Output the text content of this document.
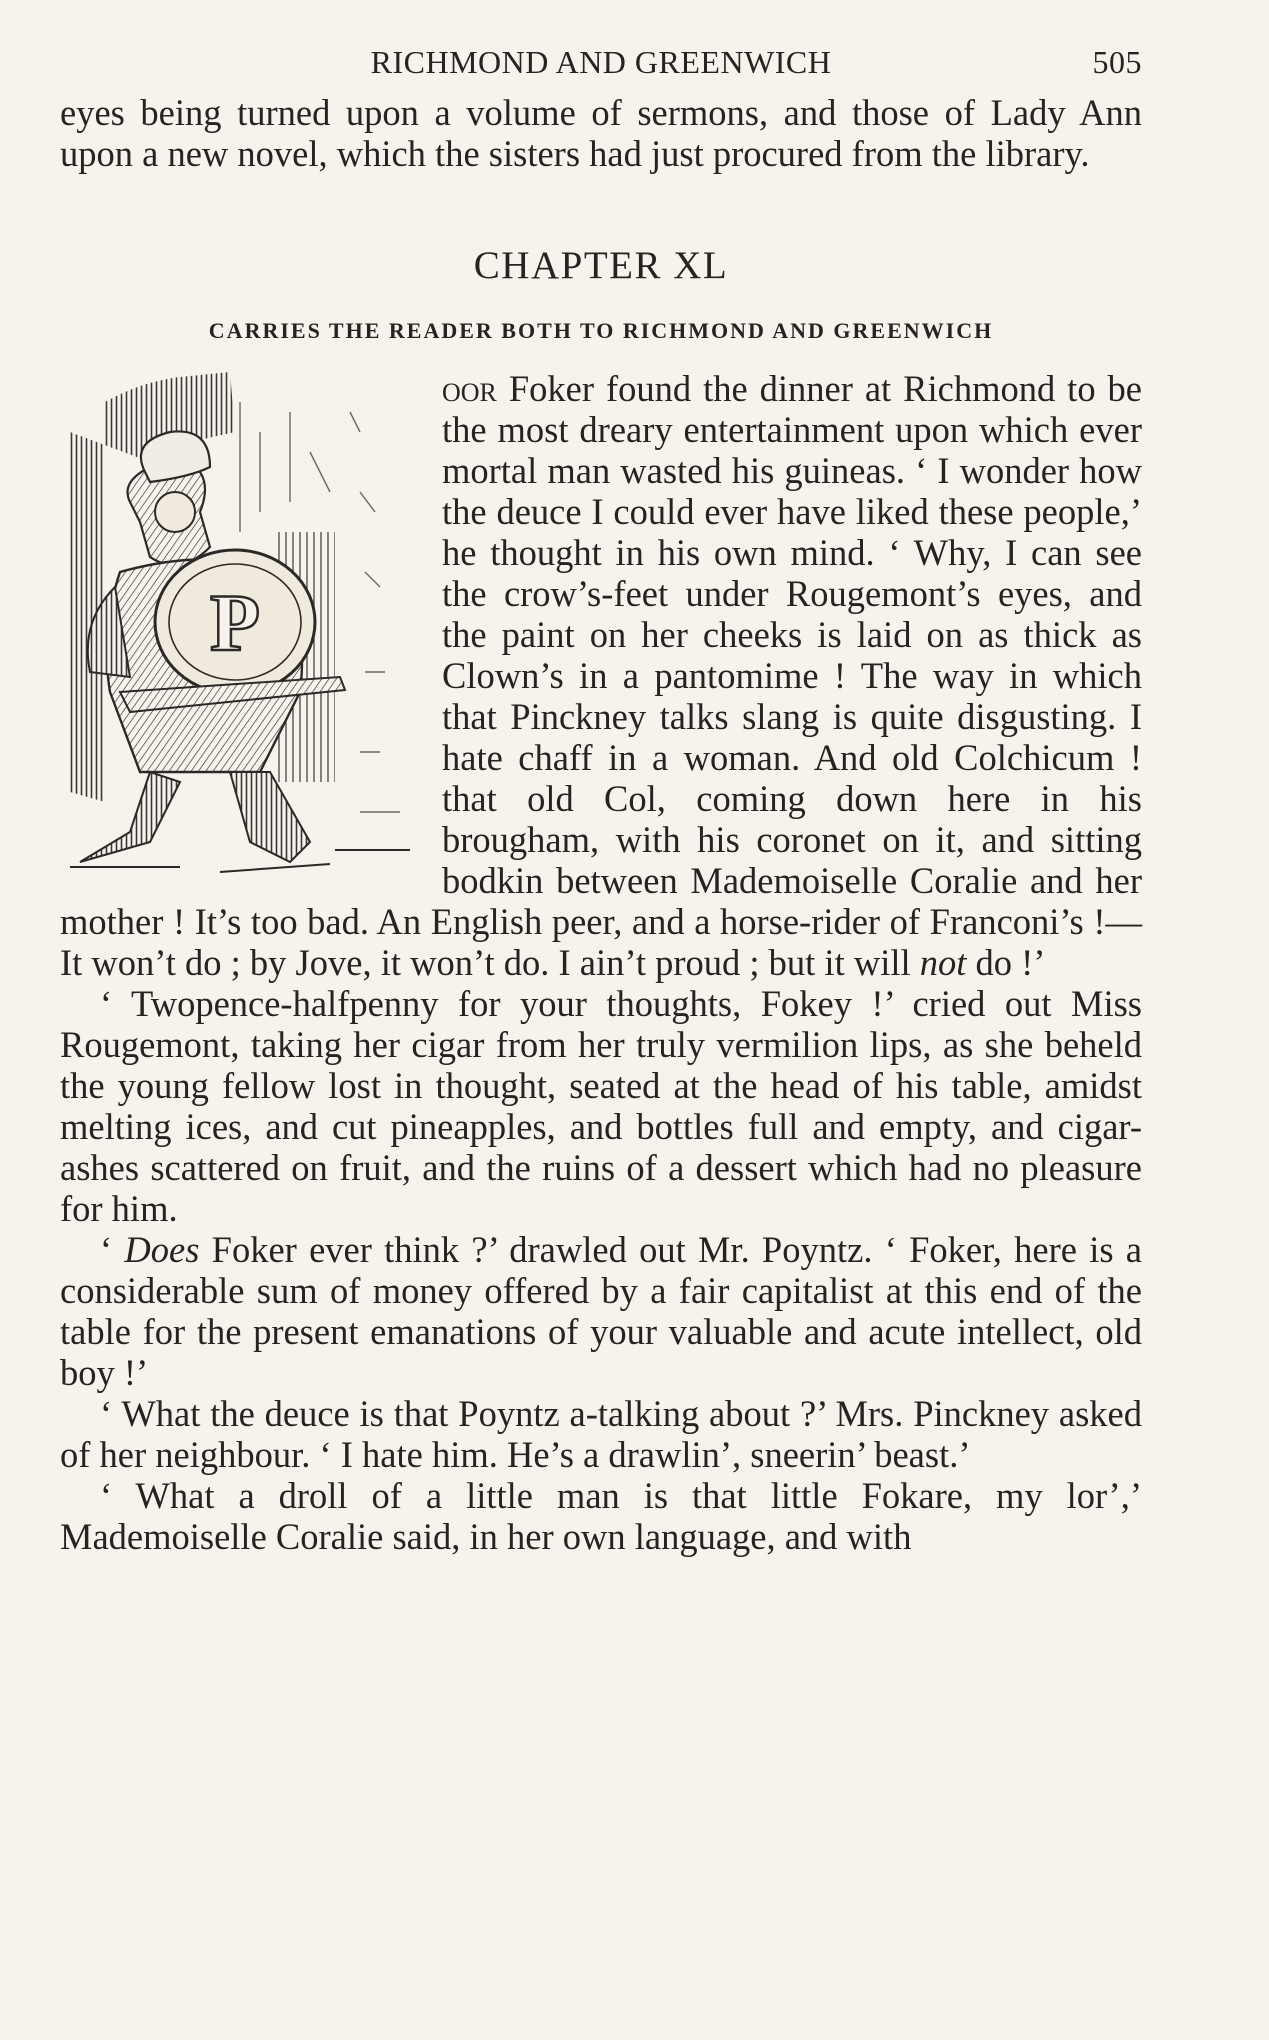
RICHMOND AND GREENWICH	505

eyes being turned upon a volume of sermons, and those of Lady Ann upon a new novel, which the sisters had just procured from the library.

CHAPTER XL
CARRIES THE READER BOTH TO RICHMOND AND GREENWICH
P

oor Foker found the dinner at Richmond to be the most dreary entertainment upon which ever mortal man wasted his guineas. ‘ I wonder how the deuce I could ever have liked these people,’ he thought in his own mind. ‘ Why, I can see the crow’s-feet under Rougemont’s eyes, and the paint on her cheeks is laid on as thick as Clown’s in a pantomime ! The way in which that Pinckney talks slang is quite disgusting. I hate chaff in a woman. And old Colchicum ! that old Col, coming down here in his brougham, with his coronet on it, and sitting bodkin between Mademoiselle Coralie and her mother ! It’s too bad. An English peer, and a horse-rider of Franconi’s !—It won’t do ; by Jove, it won’t do. I ain’t proud ; but it will not do !’

‘ Twopence-halfpenny for your thoughts, Fokey !’ cried out Miss Rougemont, taking her cigar from her truly vermilion lips, as she beheld the young fellow lost in thought, seated at the head of his table, amidst melting ices, and cut pineapples, and bottles full and empty, and cigar-ashes scattered on fruit, and the ruins of a dessert which had no pleasure for him.

‘ Does Foker ever think ?’ drawled out Mr. Poyntz. ‘ Foker, here is a considerable sum of money offered by a fair capitalist at this end of the table for the present emanations of your valuable and acute intellect, old boy !’

‘ What the deuce is that Poyntz a-talking about ?’ Mrs. Pinckney asked of her neighbour. ‘ I hate him. He’s a drawlin’, sneerin’ beast.’

‘ What a droll of a little man is that little Fokare, my lor’,’ Mademoiselle Coralie said, in her own language, and with
